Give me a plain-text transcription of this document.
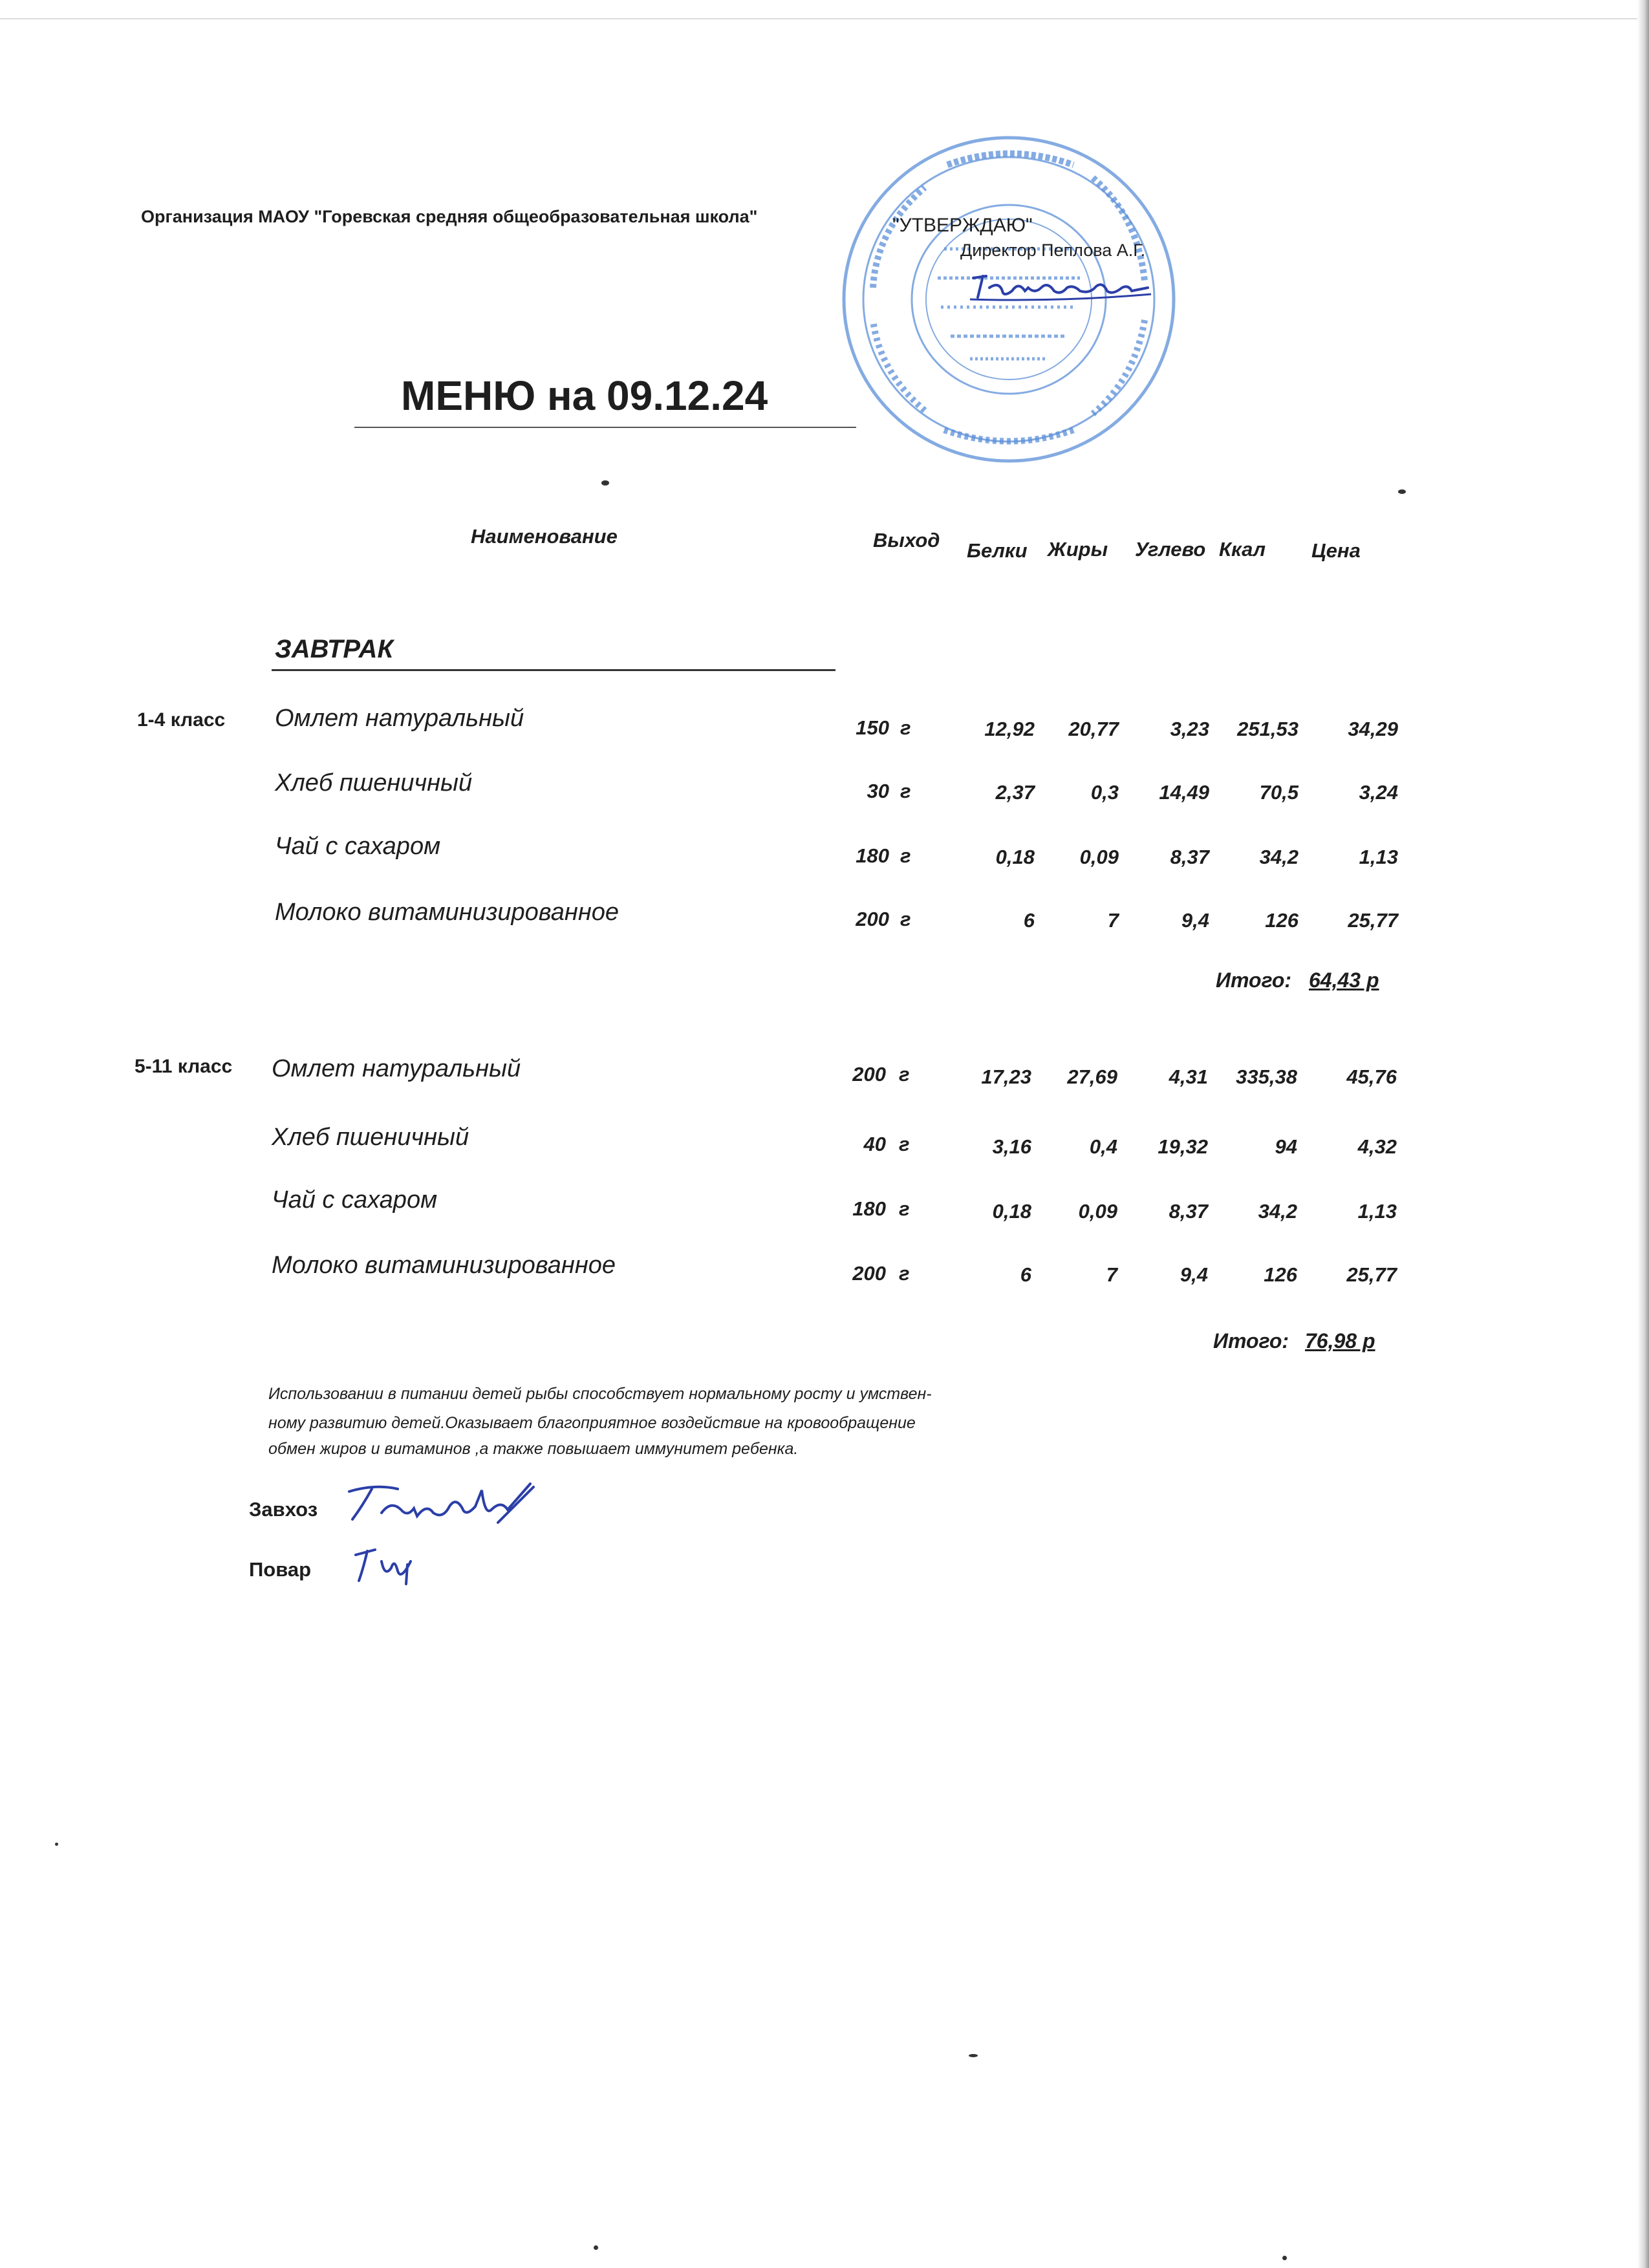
Организация МАОУ "Горевская средняя общеобразовательная школа"	"УТВЕРЖДАЮ"
Директор Пеплова А.Г.
МЕНЮ на 09.12.24
Наименование	Выход Белки Жиры Углево Ккал Цена
ЗАВТРАК
1-4 класс Омлет натуральный	150 г	12,92	20,77	3,23	251,53	34,29
Хлеб пшеничный	30 г	2,37	0,3	14,49	70,5	3,24
Чай с сахаром	180 г	0,18	0,09	8,37	34,2	1,13
Молоко витаминизированное	200 г	6	7	9,4	126	25,77
Итого: 64,43 р
5-11 класс Омлет натуральный	200 г	17,23	27,69	4,31	335,38	45,76
Хлеб пшеничный	40 г	3,16	0,4	19,32	94	4,32
Чай с сахаром	180 г	0,18	0,09	8,37	34,2	1,13
Молоко витаминизированное	200 г	6	7	9,4	126	25,77
Итого: 76,98 р
Использовании в питании детей рыбы способствует нормальному росту и умствен-
ному развитию детей.Оказывает благоприятное воздействие на кровообращение
обмен жиров и витаминов ,а также повышает иммунитет ребенка.
Завхоз
Повар
